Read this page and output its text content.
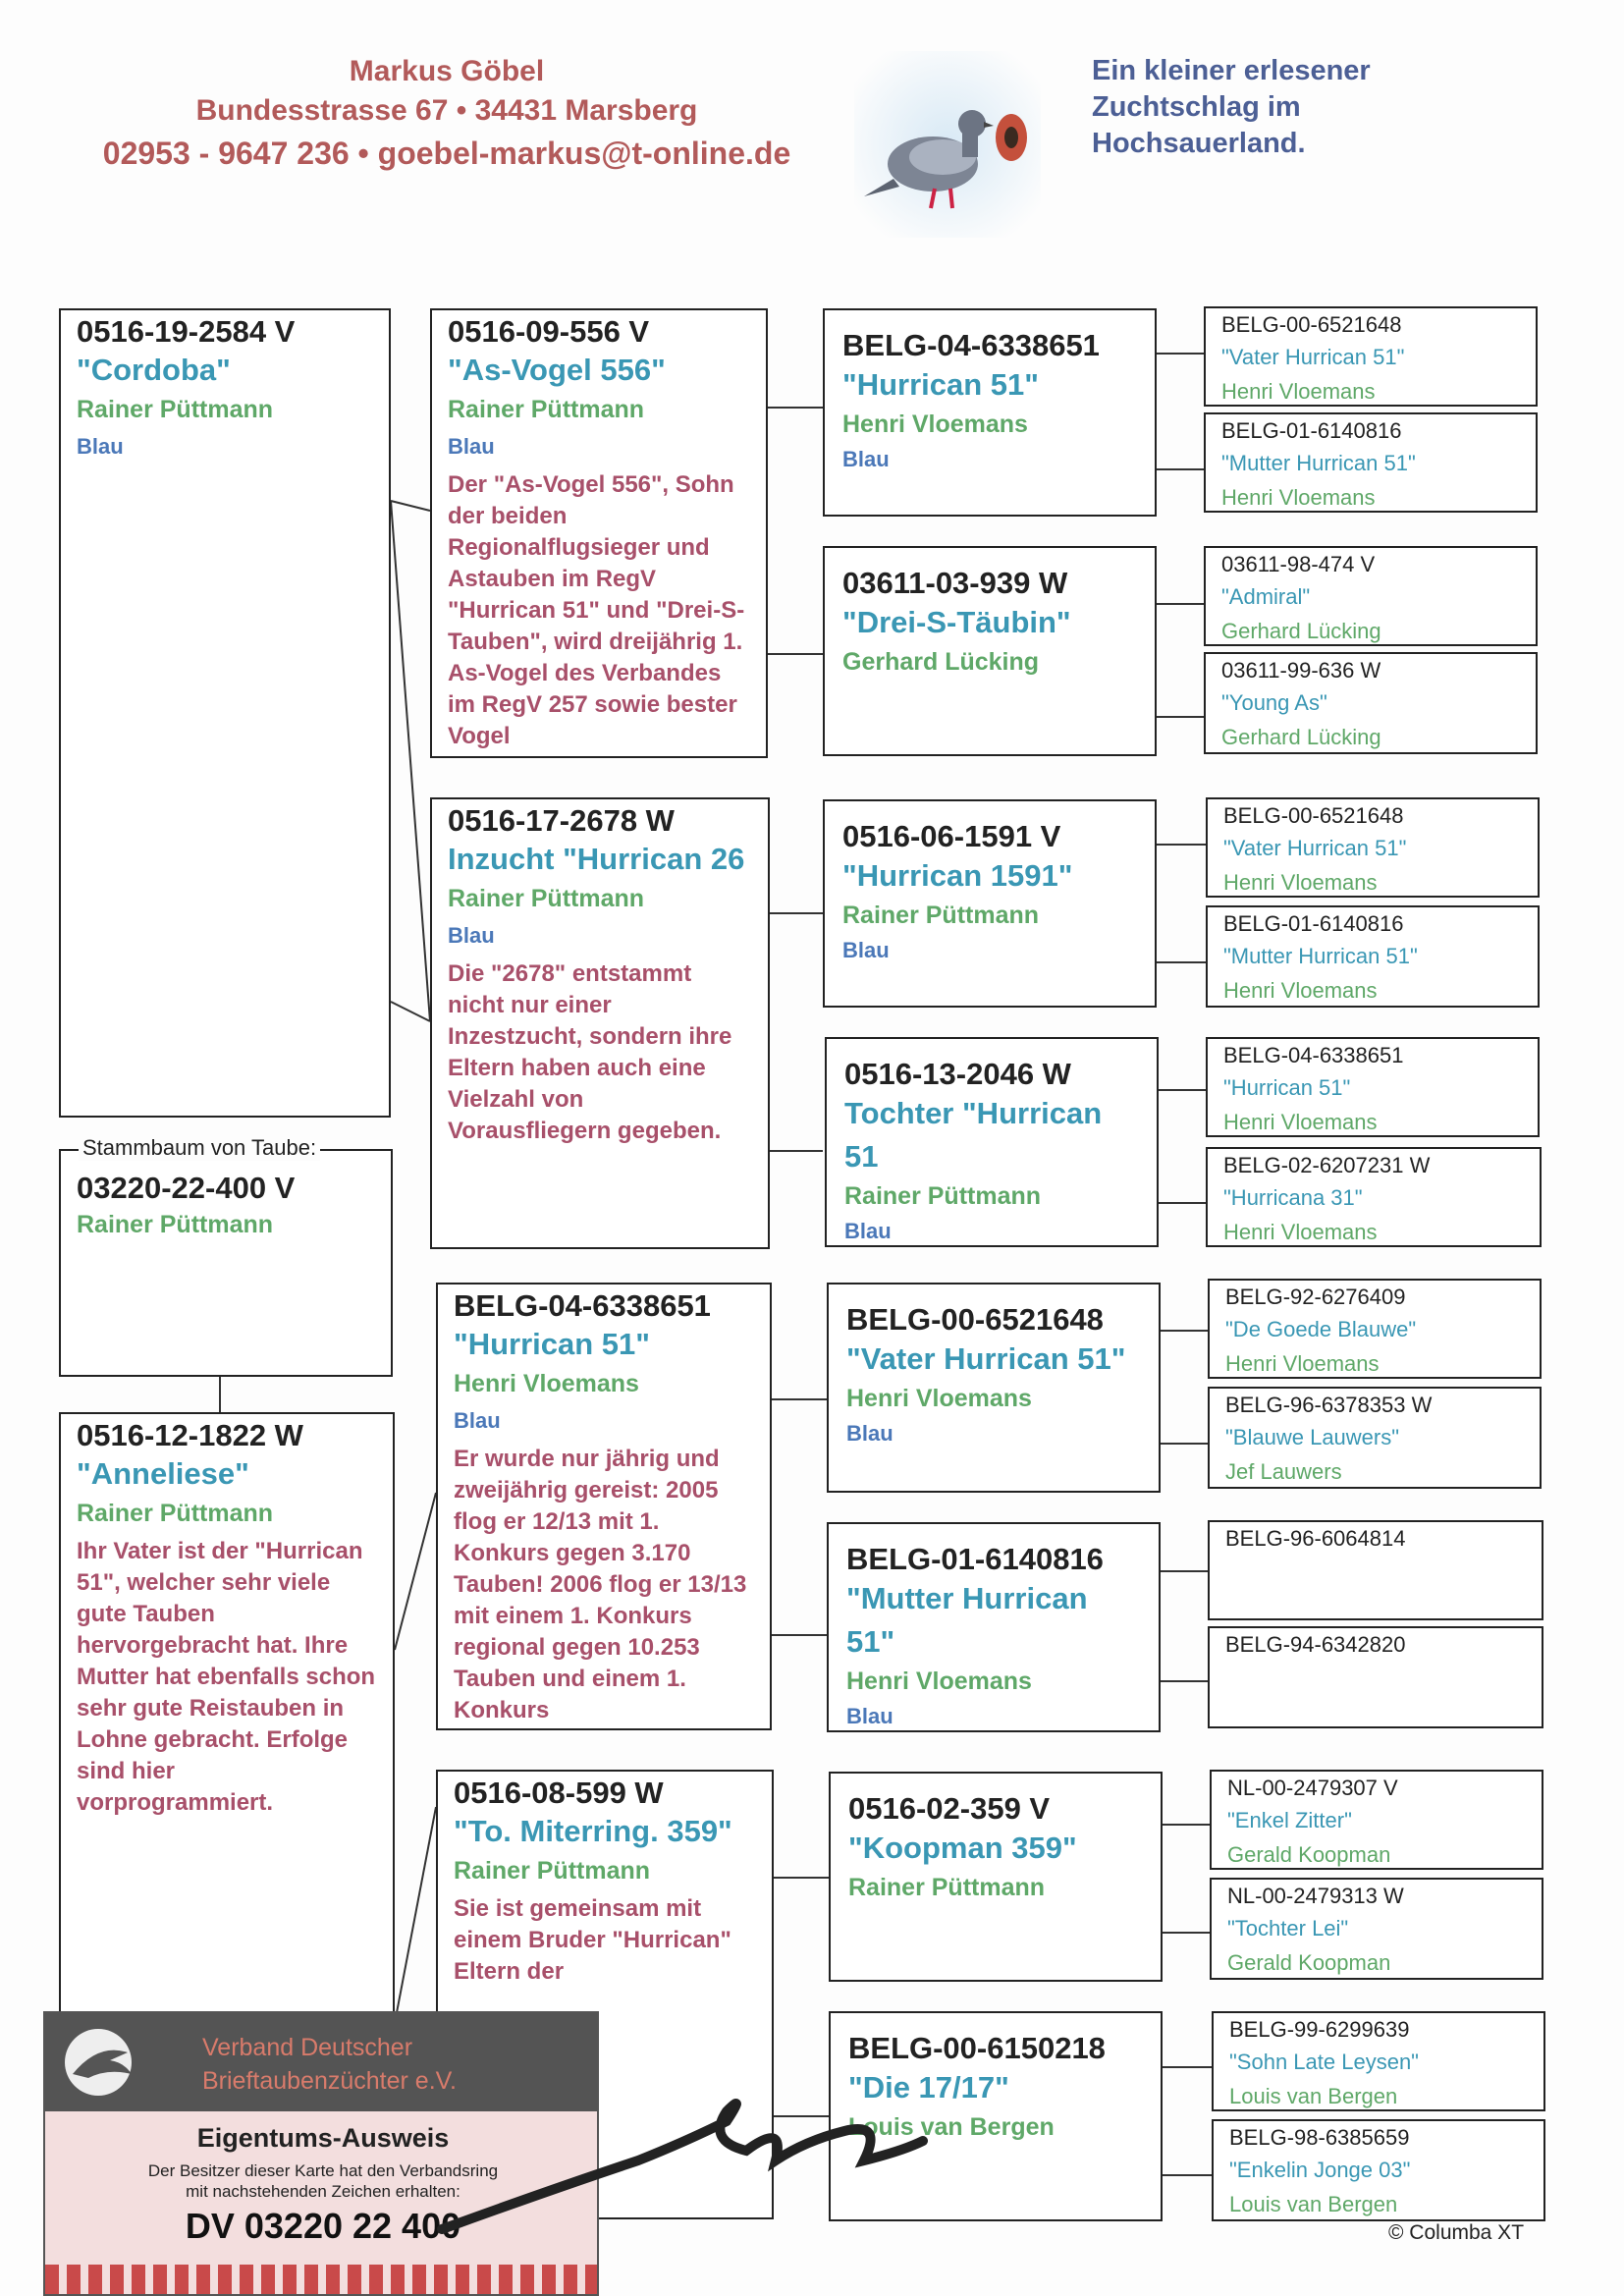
Markus Göbel
Bundesstrasse 67 • 34431 Marsberg
02953 - 9647 236 • goebel-markus@t-online.de
Ein kleiner erlesener
Zuchtschlag im
Hochsauerland.
0516-19-2584 V
"Cordoba"
Rainer Püttmann
Blau
03220-22-400 V
Rainer Püttmann
Stammbaum von Taube:
0516-12-1822 W
"Anneliese"
Rainer Püttmann
Ihr Vater ist der "Hurrican 51", welcher sehr viele gute Tauben hervorgebracht hat. Ihre Mutter hat ebenfalls schon sehr gute Reistauben in Lohne gebracht. Erfolge sind hier vorprogrammiert.
0516-09-556 V
"As-Vogel 556"
Rainer Püttmann
Blau
Der "As-Vogel 556", Sohn der beiden Regionalflugsieger und Astauben im RegV "Hurrican 51" und "Drei-S-Tauben", wird dreijährig 1. As-Vogel des Verbandes im RegV 257 sowie bester Vogel
0516-17-2678 W
Inzucht "Hurrican 26
Rainer Püttmann
Blau
Die "2678" entstammt nicht nur einer Inzestzucht, sondern ihre Eltern haben auch eine Vielzahl von Vorausfliegern gegeben.
BELG-04-6338651
"Hurrican 51"
Henri Vloemans
Blau
Er wurde nur jährig und zweijährig gereist: 2005 flog er 12/13 mit 1. Konkurs gegen 3.170 Tauben! 2006 flog er 13/13 mit einem 1. Konkurs regional gegen 10.253 Tauben und einem 1. Konkurs
0516-08-599 W
"To. Miterring. 359"
Rainer Püttmann
Sie ist gemeinsam mit einem Bruder "Hurrican" Eltern der
BELG-04-6338651
"Hurrican 51"
Henri Vloemans
Blau
03611-03-939 W
"Drei-S-Täubin"
Gerhard Lücking
0516-06-1591 V
"Hurrican 1591"
Rainer Püttmann
Blau
0516-13-2046 W
Tochter "Hurrican 51
Rainer Püttmann
Blau
BELG-00-6521648
"Vater Hurrican 51"
Henri Vloemans
Blau
BELG-01-6140816
"Mutter Hurrican 51"
Henri Vloemans
Blau
0516-02-359 V
"Koopman 359"
Rainer Püttmann
BELG-00-6150218
"Die 17/17"
Louis van Bergen
BELG-00-6521648
"Vater Hurrican 51"
Henri Vloemans
BELG-01-6140816
"Mutter Hurrican 51"
Henri Vloemans
03611-98-474 V
"Admiral"
Gerhard Lücking
03611-99-636 W
"Young As"
Gerhard Lücking
BELG-00-6521648
"Vater Hurrican 51"
Henri Vloemans
BELG-01-6140816
"Mutter Hurrican 51"
Henri Vloemans
BELG-04-6338651
"Hurrican 51"
Henri Vloemans
BELG-02-6207231 W
"Hurricana 31"
Henri Vloemans
BELG-92-6276409
"De Goede Blauwe"
Henri Vloemans
BELG-96-6378353 W
"Blauwe Lauwers"
Jef Lauwers
BELG-96-6064814
BELG-94-6342820
NL-00-2479307 V
"Enkel Zitter"
Gerald Koopman
NL-00-2479313 W
"Tochter Lei"
Gerald Koopman
BELG-99-6299639
"Sohn Late Leysen"
Louis van Bergen
BELG-98-6385659
"Enkelin Jonge 03"
Louis van Bergen
Verband Deutscher
Brieftaubenzüchter e.V.
Eigentums-Ausweis
Der Besitzer dieser Karte hat den Verbandsring
mit nachstehenden Zeichen erhalten:
DV 03220 22 400	© Columba XT
